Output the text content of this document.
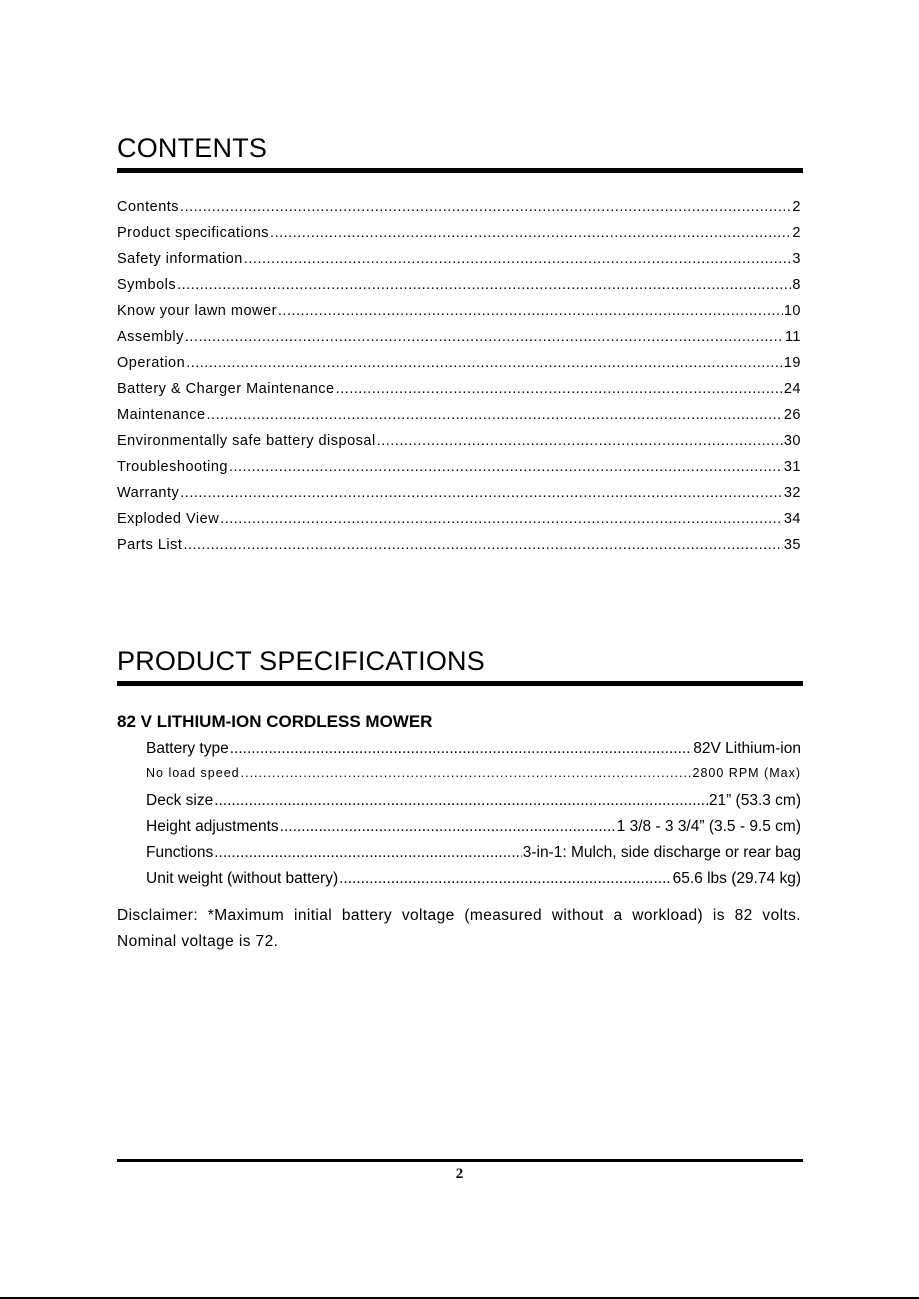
CONTENTS
Contents .....	2
Product specifications .....	2
Safety information .....	3
Symbols .....	8
Know your lawn mower .....	10
Assembly .....	11
Operation .....	19
Battery & Charger Maintenance .....	24
Maintenance .....	26
Environmentally safe battery disposal .....	30
Troubleshooting .....	31
Warranty .....	32
Exploded View .....	34
Parts List .....	35
PRODUCT SPECIFICATIONS
82 V LITHIUM-ION CORDLESS MOWER
Battery type .....	82V Lithium-ion
No load speed .....	2800 RPM (Max)
Deck size .....	21” (53.3 cm)
Height adjustments .....	1 3/8 - 3 3/4” (3.5 - 9.5 cm)
Functions .....	3-in-1: Mulch, side discharge or rear bag
Unit weight (without battery) .....	65.6 lbs (29.74 kg)

Disclaimer: *Maximum initial battery voltage (measured without a workload) is 82 volts. Nominal voltage is 72.

2
